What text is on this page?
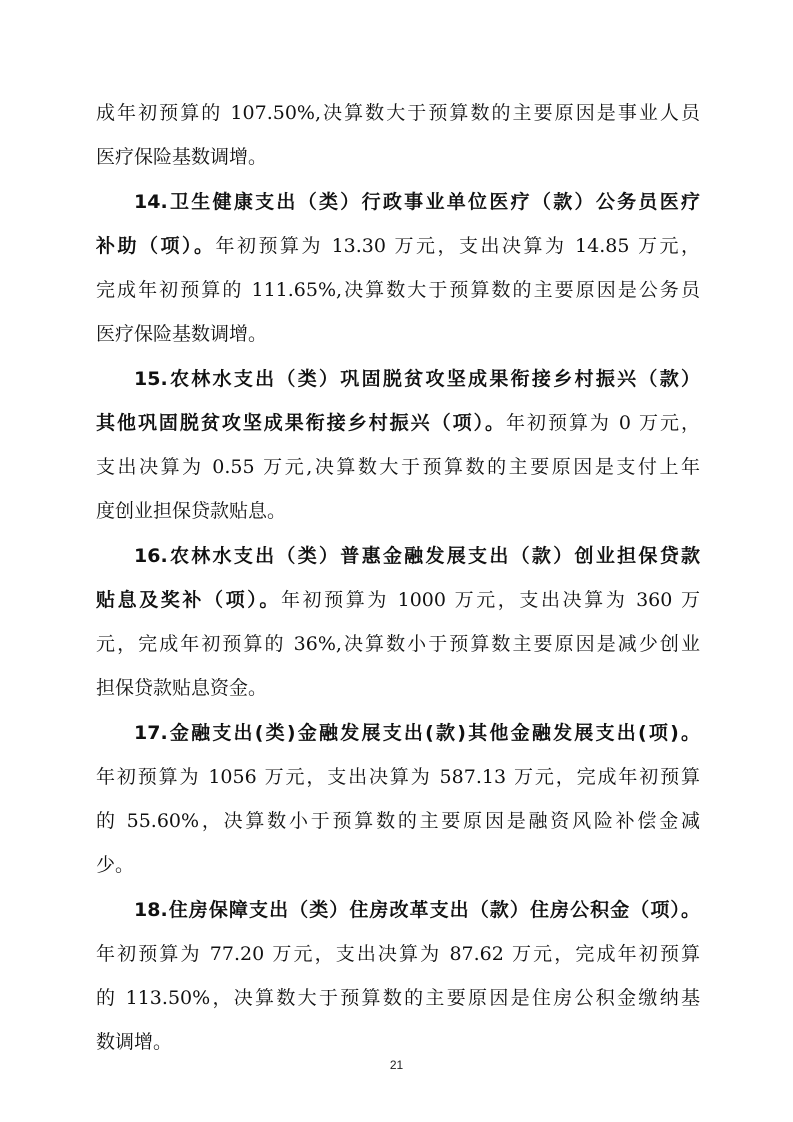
成年初预算的 107.50%,决算数大于预算数的主要原因是事业人员
医疗保险基数调增。
14.卫生健康支出（类）行政事业单位医疗（款）公务员医疗
补助（项）。年初预算为 13.30 万元，支出决算为 14.85 万元，
完成年初预算的 111.65%,决算数大于预算数的主要原因是公务员
医疗保险基数调增。
15.农林水支出（类）巩固脱贫攻坚成果衔接乡村振兴（款）
其他巩固脱贫攻坚成果衔接乡村振兴（项）。年初预算为 0 万元，
支出决算为 0.55 万元,决算数大于预算数的主要原因是支付上年
度创业担保贷款贴息。
16.农林水支出（类）普惠金融发展支出（款）创业担保贷款
贴息及奖补（项）。年初预算为 1000 万元，支出决算为 360 万
元，完成年初预算的 36%,决算数小于预算数主要原因是减少创业
担保贷款贴息资金。
17.金融支出(类)金融发展支出(款)其他金融发展支出(项)。
年初预算为 1056 万元，支出决算为 587.13 万元，完成年初预算
的 55.60%，决算数小于预算数的主要原因是融资风险补偿金减
少。
18.住房保障支出（类）住房改革支出（款）住房公积金（项）。
年初预算为 77.20 万元，支出决算为 87.62 万元，完成年初预算
的 113.50%，决算数大于预算数的主要原因是住房公积金缴纳基
数调增。
21
